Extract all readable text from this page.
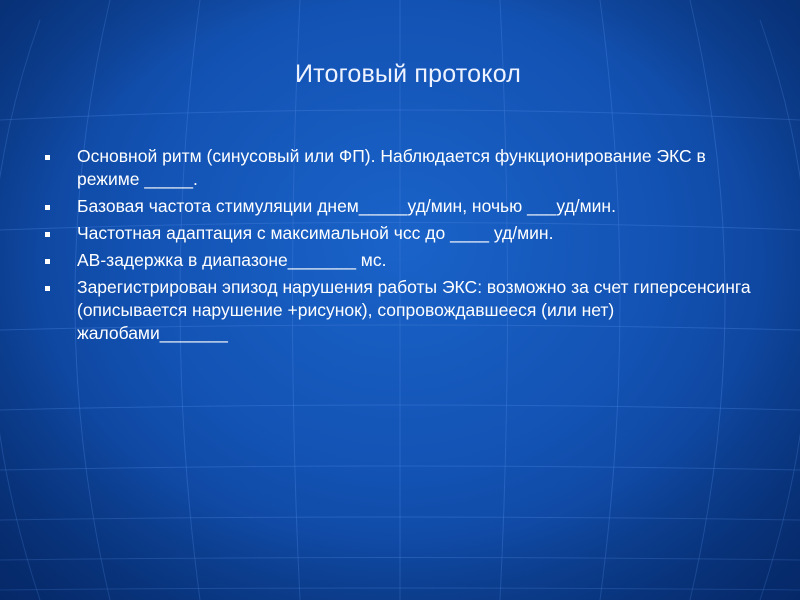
Итоговый протокол
Основной ритм (синусовый или ФП). Наблюдается функционирование ЭКС в режиме _____.
Базовая частота стимуляции днем_____уд/мин, ночью ___уд/мин.
Частотная адаптация с максимальной чсс до ____ уд/мин.
АВ-задержка в диапазоне_______ мс.
Зарегистрирован эпизод нарушения работы ЭКС: возможно за счет гиперсенсинга (описывается нарушение +рисунок), сопровождавшееся (или нет) жалобами_______
